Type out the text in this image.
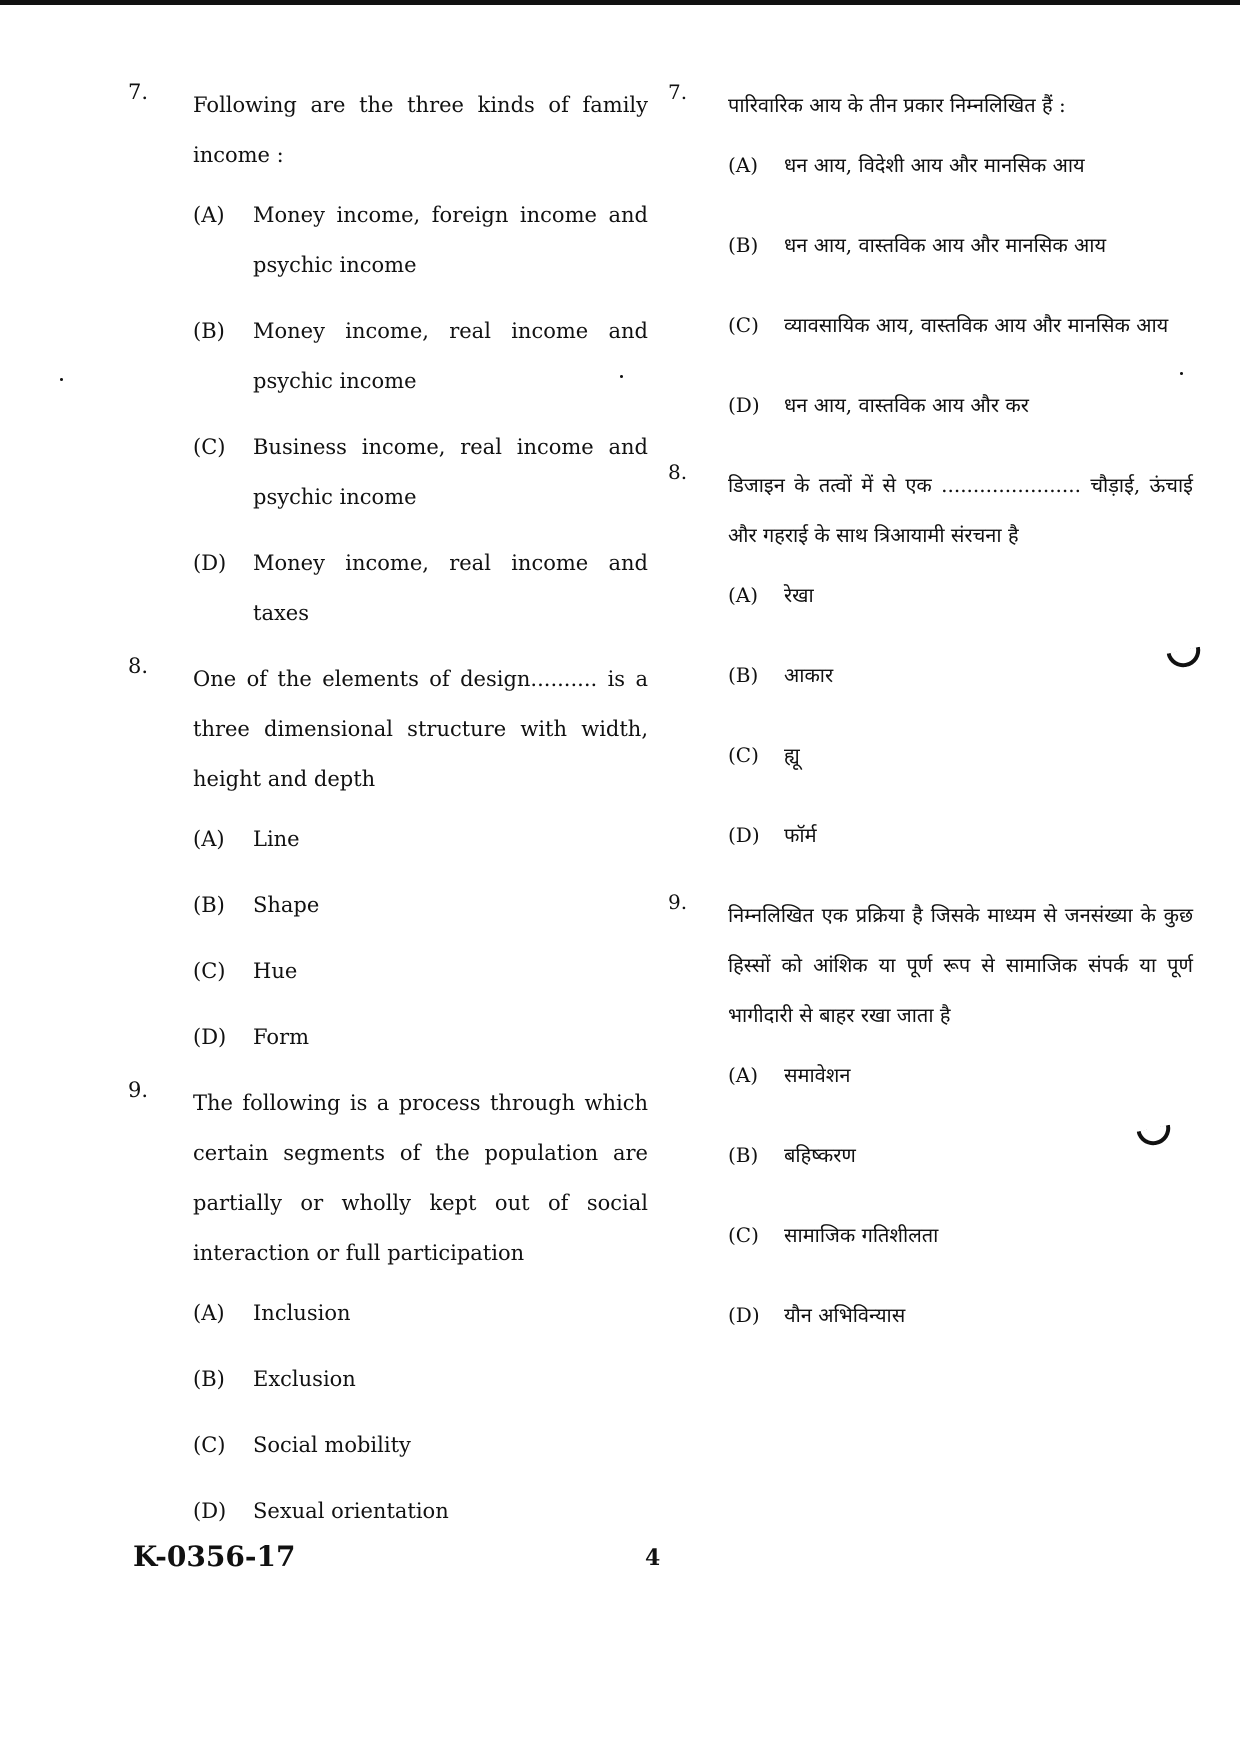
7.
Following are the three kinds of family income :
(A) Money income, foreign income and psychic income
(B) Money income, real income and psychic income
(C) Business income, real income and psychic income
(D) Money income, real income and taxes
8.
One of the elements of design.......... is a three dimensional structure with width, height and depth
(A) Line
(B) Shape
(C) Hue
(D) Form
9.
The following is a process through which certain segments of the population are partially or wholly kept out of social interaction or full participation
(A) Inclusion
(B) Exclusion
(C) Social mobility
(D) Sexual orientation
7.
पारिवारिक आय के तीन प्रकार निम्नलिखित हैं :
(A) धन आय, विदेशी आय और मानसिक आय
(B) धन आय, वास्तविक आय और मानसिक आय
(C) व्यावसायिक आय, वास्तविक आय और मानसिक आय
(D) धन आय, वास्तविक आय और कर
8.
डिजाइन के तत्वों में से एक ...................... चौड़ाई, ऊंचाई और गहराई के साथ त्रिआयामी संरचना है
(A) रेखा
(B) आकार
(C) ह्यू
(D) फॉर्म
9.
निम्नलिखित एक प्रक्रिया है जिसके माध्यम से जनसंख्या के कुछ हिस्सों को आंशिक या पूर्ण रूप से सामाजिक संपर्क या पूर्ण भागीदारी से बाहर रखा जाता है
(A) समावेशन
(B) बहिष्करण
(C) सामाजिक गतिशीलता
(D) यौन अभिविन्यास
K-0356-17	4
